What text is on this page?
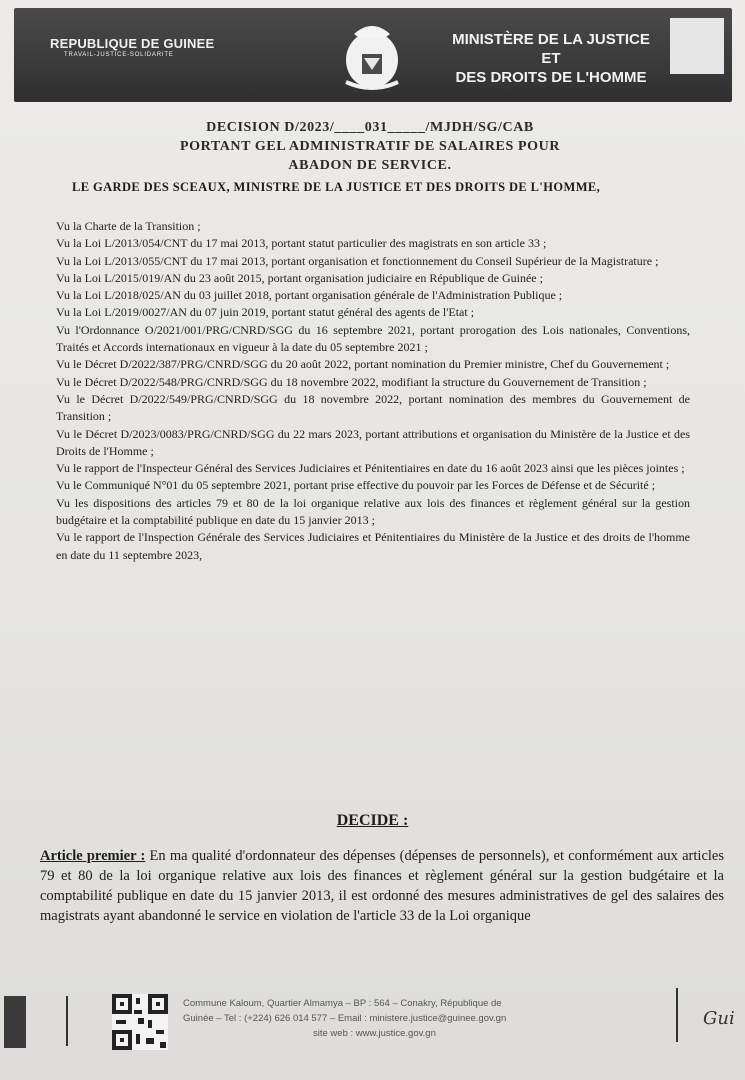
REPUBLIQUE DE GUINEE
TRAVAIL-JUSTICE-SOLIDARITE
MINISTÈRE DE LA JUSTICE ET
DES DROITS DE L'HOMME
DECISION D/2023/____031_____/MJDH/SG/CAB
PORTANT GEL ADMINISTRATIF DE SALAIRES POUR
ABADON DE SERVICE.
LE GARDE DES SCEAUX, MINISTRE DE LA JUSTICE ET DES DROITS DE L'HOMME,

Vu la Charte de la Transition ;

Vu la Loi L/2013/054/CNT du 17 mai 2013, portant statut particulier des magistrats en son article 33 ;

Vu la Loi L/2013/055/CNT du 17 mai 2013, portant organisation et fonctionnement du Conseil Supérieur de la Magistrature ;

Vu la Loi L/2015/019/AN du 23 août 2015, portant organisation judiciaire en République de Guinée ;

Vu la Loi L/2018/025/AN du 03 juillet 2018, portant organisation générale de l'Administration Publique ;

Vu la Loi L/2019/0027/AN du 07 juin 2019, portant statut général des agents de l'Etat ;

Vu l'Ordonnance O/2021/001/PRG/CNRD/SGG du 16 septembre 2021, portant prorogation des Lois nationales, Conventions, Traités et Accords internationaux en vigueur à la date du 05 septembre 2021 ;

Vu le Décret D/2022/387/PRG/CNRD/SGG du 20 août 2022, portant nomination du Premier ministre, Chef du Gouvernement ;

Vu le Décret D/2022/548/PRG/CNRD/SGG du 18 novembre 2022, modifiant la structure du Gouvernement de Transition ;

Vu le Décret D/2022/549/PRG/CNRD/SGG du 18 novembre 2022, portant nomination des membres du Gouvernement de Transition ;

Vu le Décret D/2023/0083/PRG/CNRD/SGG du 22 mars 2023, portant attributions et organisation du Ministère de la Justice et des Droits de l'Homme ;

Vu le rapport de l'Inspecteur Général des Services Judiciaires et Pénitentiaires en date du 16 août 2023 ainsi que les pièces jointes ;

Vu le Communiqué N°01 du 05 septembre 2021, portant prise effective du pouvoir par les Forces de Défense et de Sécurité ;

Vu les dispositions des articles 79 et 80 de la loi organique relative aux lois des finances et règlement général sur la gestion budgétaire et la comptabilité publique en date du 15 janvier 2013 ;

Vu le rapport de l'Inspection Générale des Services Judiciaires et Pénitentiaires du Ministère de la Justice et des droits de l'homme en date du 11 septembre 2023,

DECIDE :
Article premier : En ma qualité d'ordonnateur des dépenses (dépenses de personnels), et conformément aux articles 79 et 80 de la loi organique relative aux lois des finances et règlement général sur la gestion budgétaire et la comptabilité publique en date du 15 janvier 2013, il est ordonné des mesures administratives de gel des salaires des magistrats ayant abandonné le service en violation de l'article 33 de la Loi organique
Commune Kaloum, Quartier Almamya – BP : 564 – Conakry, République de
Guinée – Tel : (+224) 626 014 577 – Email : ministere.justice@guinee.gov.gn
site web : www.justice.gov.gn
Gui
